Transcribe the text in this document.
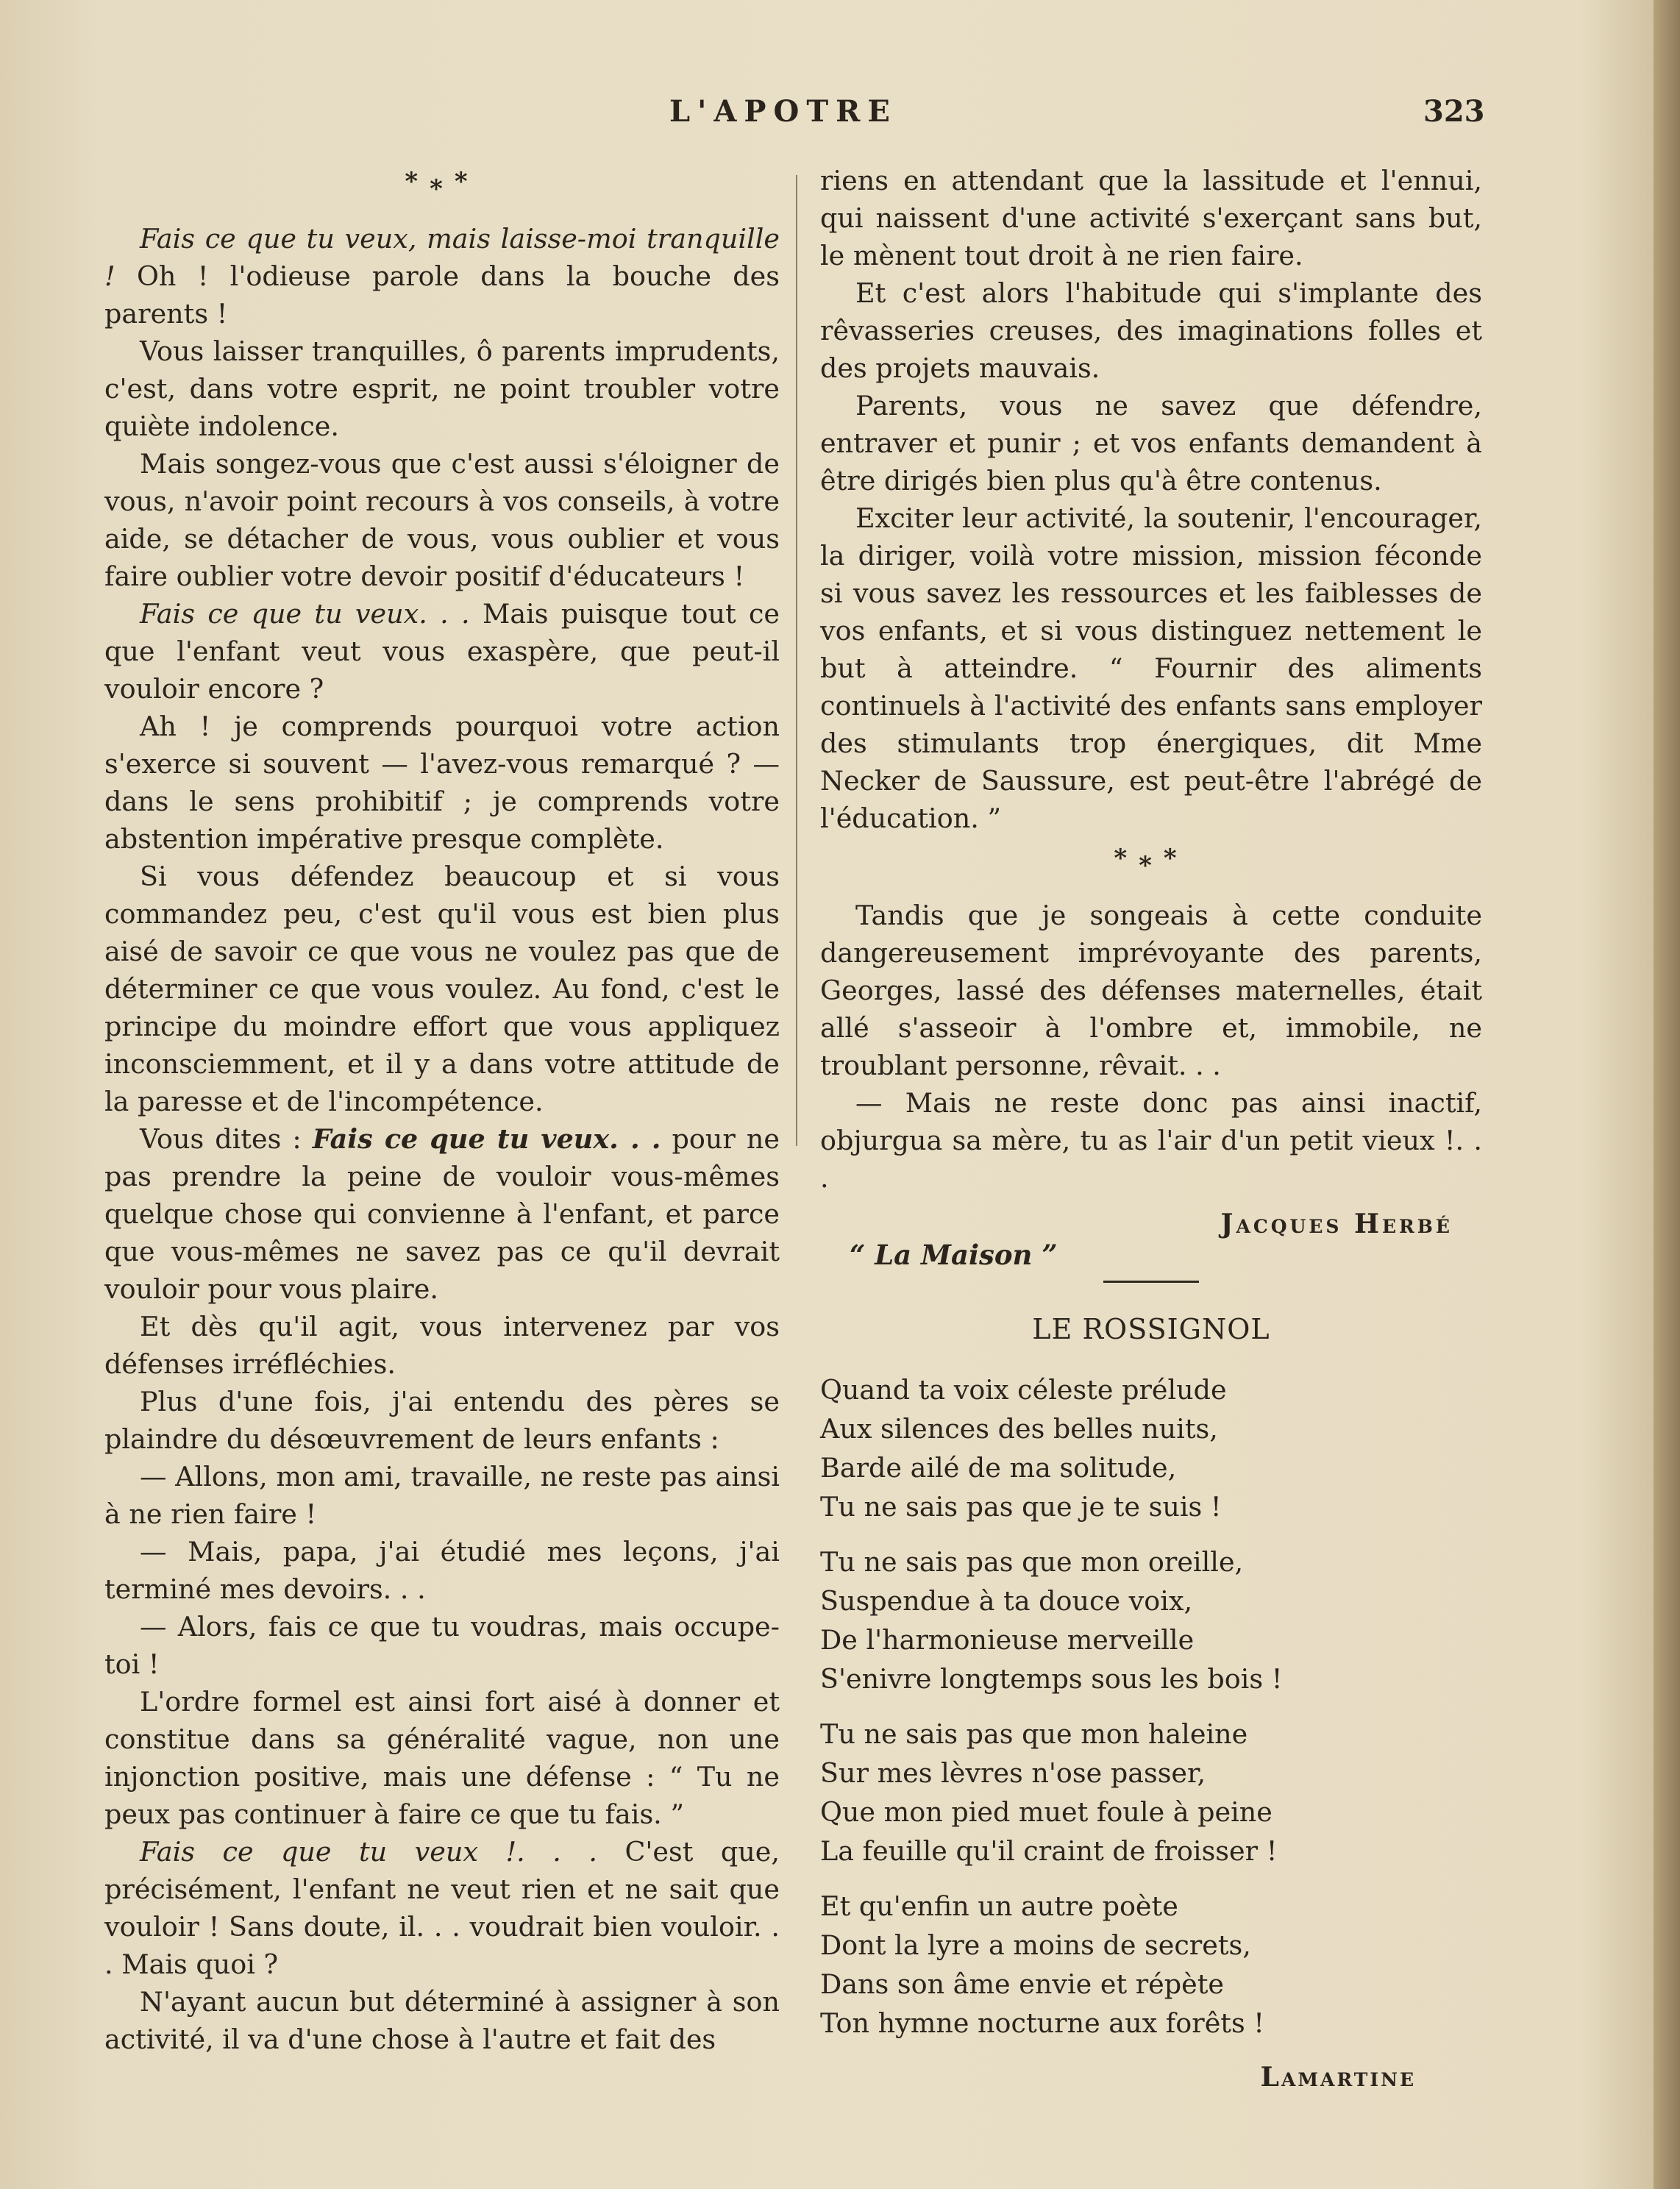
L'APOTRE	323
***

Fais ce que tu veux, mais laisse-moi tranquille ! Oh ! l'odieuse parole dans la bouche des parents !

Vous laisser tranquilles, ô parents imprudents, c'est, dans votre esprit, ne point troubler votre quiète indolence.

Mais songez-vous que c'est aussi s'éloigner de vous, n'avoir point recours à vos conseils, à votre aide, se détacher de vous, vous oublier et vous faire oublier votre devoir positif d'éducateurs !

Fais ce que tu veux. . . Mais puisque tout ce que l'enfant veut vous exaspère, que peut-il vouloir encore ?

Ah ! je comprends pourquoi votre action s'exerce si souvent — l'avez-vous remarqué ? — dans le sens prohibitif ; je comprends votre abstention impérative presque complète.

Si vous défendez beaucoup et si vous commandez peu, c'est qu'il vous est bien plus aisé de savoir ce que vous ne voulez pas que de déterminer ce que vous voulez. Au fond, c'est le principe du moindre effort que vous appliquez inconsciemment, et il y a dans votre attitude de la paresse et de l'incompétence.

Vous dites : Fais ce que tu veux. . . pour ne pas prendre la peine de vouloir vous-mêmes quelque chose qui convienne à l'enfant, et parce que vous-mêmes ne savez pas ce qu'il devrait vouloir pour vous plaire.

Et dès qu'il agit, vous intervenez par vos défenses irréfléchies.

Plus d'une fois, j'ai entendu des pères se plaindre du désœuvrement de leurs enfants :

— Allons, mon ami, travaille, ne reste pas ainsi à ne rien faire !

— Mais, papa, j'ai étudié mes leçons, j'ai terminé mes devoirs. . .

— Alors, fais ce que tu voudras, mais occupe-toi !

L'ordre formel est ainsi fort aisé à donner et constitue dans sa généralité vague, non une injonction positive, mais une défense : “ Tu ne peux pas continuer à faire ce que tu fais. ”

Fais ce que tu veux !. . . C'est que, précisément, l'enfant ne veut rien et ne sait que vouloir ! Sans doute, il. . . voudrait bien vouloir. . . Mais quoi ?

N'ayant aucun but déterminé à assigner à son activité, il va d'une chose à l'autre et fait des

riens en attendant que la lassitude et l'ennui, qui naissent d'une activité s'exerçant sans but, le mènent tout droit à ne rien faire.

Et c'est alors l'habitude qui s'implante des rêvasseries creuses, des imaginations folles et des projets mauvais.

Parents, vous ne savez que défendre, entraver et punir ; et vos enfants demandent à être dirigés bien plus qu'à être contenus.

Exciter leur activité, la soutenir, l'encourager, la diriger, voilà votre mission, mission féconde si vous savez les ressources et les faiblesses de vos enfants, et si vous distinguez nettement le but à atteindre. “ Fournir des aliments continuels à l'activité des enfants sans employer des stimulants trop énergiques, dit Mme Necker de Saussure, est peut-être l'abrégé de l'éducation. ”

***

Tandis que je songeais à cette conduite dangereusement imprévoyante des parents, Georges, lassé des défenses maternelles, était allé s'asseoir à l'ombre et, immobile, ne troublant personne, rêvait. . .

— Mais ne reste donc pas ainsi inactif, objurgua sa mère, tu as l'air d'un petit vieux !. . .

Jacques Herbé
“ La Maison ”
LE ROSSIGNOL
Quand ta voix céleste prélude
Aux silences des belles nuits,
Barde ailé de ma solitude,
Tu ne sais pas que je te suis !
Tu ne sais pas que mon oreille,
Suspendue à ta douce voix,
De l'harmonieuse merveille
S'enivre longtemps sous les bois !
Tu ne sais pas que mon haleine
Sur mes lèvres n'ose passer,
Que mon pied muet foule à peine
La feuille qu'il craint de froisser !
Et qu'enfin un autre poète
Dont la lyre a moins de secrets,
Dans son âme envie et répète
Ton hymne nocturne aux forêts !
Lamartine
